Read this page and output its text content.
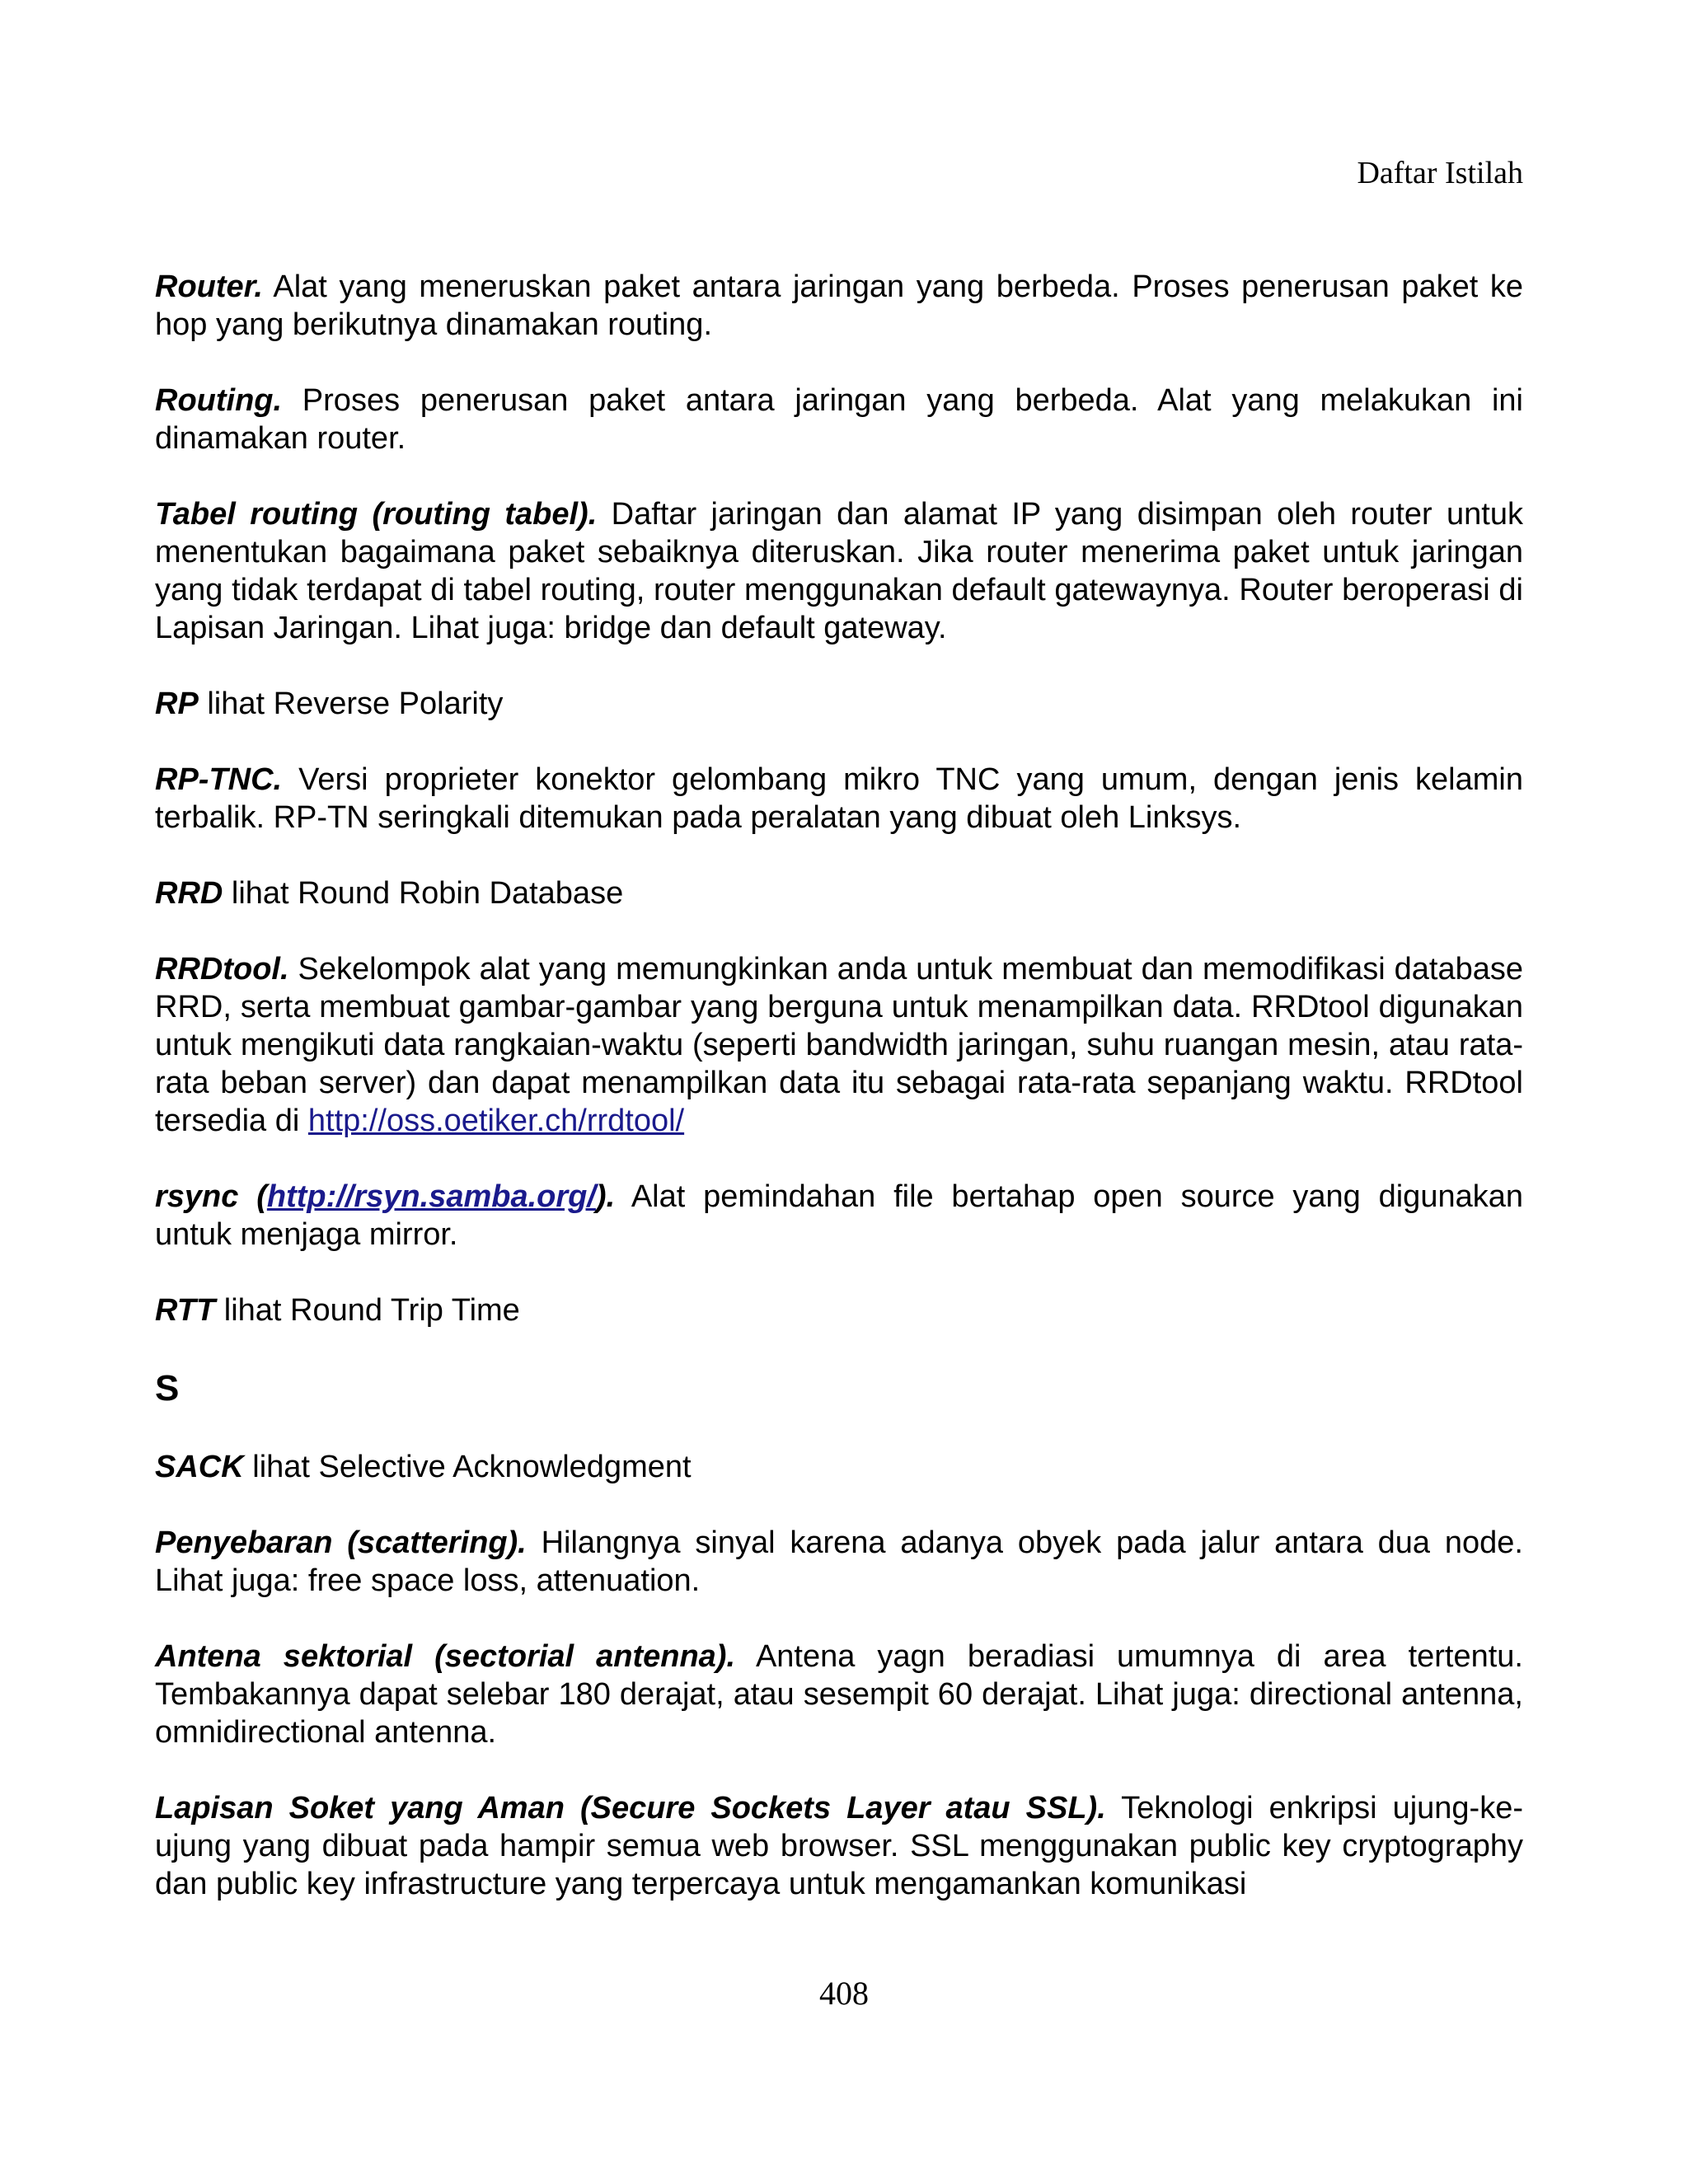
Daftar Istilah

Router. Alat yang meneruskan paket antara jaringan yang berbeda. Proses penerusan paket ke hop yang berikutnya dinamakan routing.

Routing. Proses penerusan paket antara jaringan yang berbeda. Alat yang melakukan ini dinamakan router.

Tabel routing (routing tabel). Daftar jaringan dan alamat IP yang disimpan oleh router untuk menentukan bagaimana paket sebaiknya diteruskan. Jika router menerima paket untuk jaringan yang tidak terdapat di tabel routing, router menggunakan default gatewaynya. Router beroperasi di Lapisan Jaringan. Lihat juga: bridge dan default gateway.

RP lihat Reverse Polarity

RP-TNC. Versi proprieter konektor gelombang mikro TNC yang umum, dengan jenis kelamin terbalik. RP-TN seringkali ditemukan pada peralatan yang dibuat oleh Linksys.

RRD lihat Round Robin Database

RRDtool. Sekelompok alat yang memungkinkan anda untuk membuat dan memodifikasi database RRD, serta membuat gambar-gambar yang berguna untuk menampilkan data. RRDtool digunakan untuk mengikuti data rangkaian-waktu (seperti bandwidth jaringan, suhu ruangan mesin, atau rata-rata beban server) dan dapat menampilkan data itu sebagai rata-rata sepanjang waktu. RRDtool tersedia di http://oss.oetiker.ch/rrdtool/

rsync (http://rsyn.samba.org/). Alat pemindahan file bertahap open source yang digunakan untuk menjaga mirror.

RTT lihat Round Trip Time

S

SACK lihat Selective Acknowledgment

Penyebaran (scattering). Hilangnya sinyal karena adanya obyek pada jalur antara dua node. Lihat juga: free space loss, attenuation.

Antena sektorial (sectorial antenna). Antena yagn beradiasi umumnya di area tertentu. Tembakannya dapat selebar 180 derajat, atau sesempit 60 derajat. Lihat juga: directional antenna, omnidirectional antenna.

Lapisan Soket yang Aman (Secure Sockets Layer atau SSL). Teknologi enkripsi ujung-ke-ujung yang dibuat pada hampir semua web browser. SSL menggunakan public key cryptography dan public key infrastructure yang terpercaya untuk mengamankan komunikasi

408
